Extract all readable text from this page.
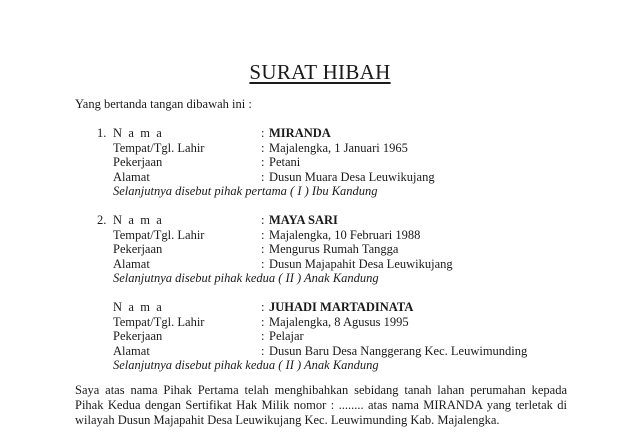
SURAT HIBAH
Yang bertanda tangan dibawah ini :
1. N a m a	: MIRANDA
Tempat/Tgl. Lahir	: Majalengka, 1 Januari 1965
Pekerjaan	: Petani
Alamat	: Dusun Muara Desa Leuwikujang
Selanjutnya disebut pihak pertama ( I ) Ibu Kandung
2. N a m a	: MAYA SARI
Tempat/Tgl. Lahir	: Majalengka, 10 Februari 1988
Pekerjaan	: Mengurus Rumah Tangga
Alamat	: Dusun Majapahit Desa Leuwikujang
Selanjutnya disebut pihak kedua ( II ) Anak Kandung
N a m a	: JUHADI MARTADINATA
Tempat/Tgl. Lahir	: Majalengka, 8 Agusus 1995
Pekerjaan	: Pelajar
Alamat	: Dusun Baru Desa Nanggerang Kec. Leuwimunding
Selanjutnya disebut pihak kedua ( II ) Anak Kandung
Saya atas nama Pihak Pertama telah menghibahkan sebidang tanah lahan perumahan kepada
Pihak Kedua dengan Sertifikat Hak Milik nomor : ........ atas nama MIRANDA yang terletak di
wilayah Dusun Majapahit Desa Leuwikujang Kec. Leuwimunding Kab. Majalengka.
